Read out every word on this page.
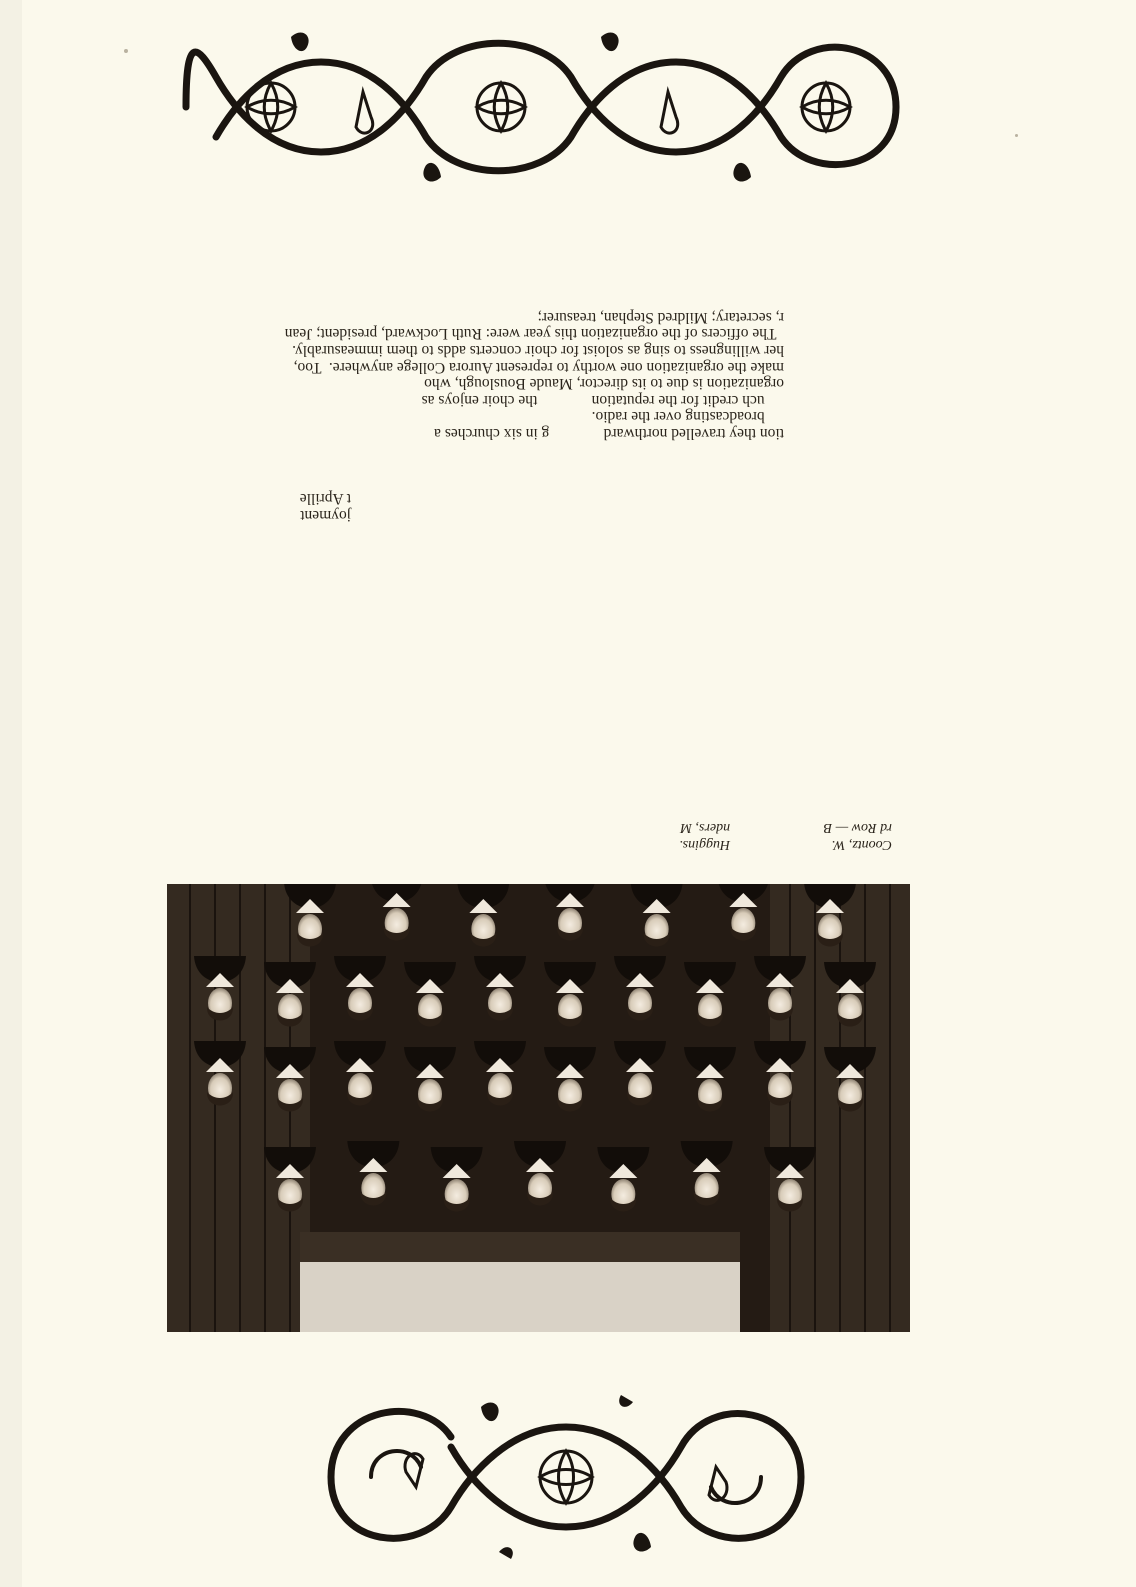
Coontz, W.
rd Row — B

Huggins.
nders, M
joyment
t Aprille
tion they travelled northward              g in six churches a
broadcasting over the radio.
uch credit for the reputation              the choir enjoys as
organization is due to its director, Maude Bouslough, who
make the organization one worthy to represent Aurora College anywhere.  Too,
her willingness to sing as soloist for choir concerts adds to them immeasurably.
The officers of the organization this year were: Ruth Lockward, president; Jean
r, secretary; Mildred Stephan, treasurer;
